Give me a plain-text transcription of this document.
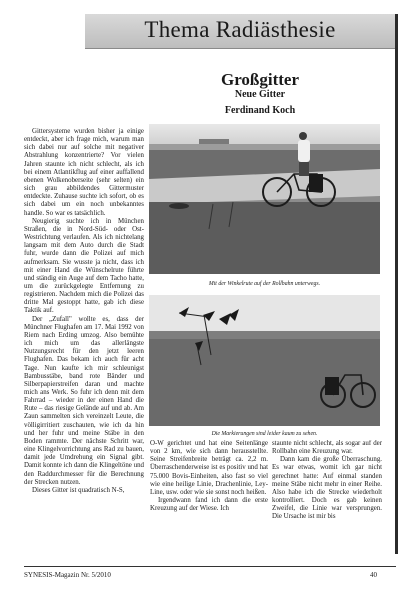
Thema Radiästhesie
Großgitter
Neue Gitter
Ferdinand Koch

Gittersysteme wurden bisher ja einige entdeckt, aber ich frage mich, warum man sich dabei nur auf solche mit negativer Abstrahlung konzentrierte? Vor vielen Jahren staunte ich nicht schlecht, als ich bei einem Atlantikflug auf einer auffallend ebenen Wolkenoberseite (sehr selten) ein sich grau abbildendes Gittermuster entdeckte. Zuhause suchte ich sofort, ob es sich dabei um ein noch unbekanntes handle. So war es tatsächlich.

Neugierig suchte ich in München Straßen, die in Nord-Süd- oder Ost-Westrichtung verlaufen. Als ich nichtelang langsam mit dem Auto durch die Stadt fuhr, wurde dann die Polizei auf mich aufmerksam. Sie wusste ja nicht, dass ich mit einer Hand die Wünschelrute führte und ständig ein Auge auf dem Tacho hatte, um die zurückgelegte Entfernung zu registrieren. Nachdem mich die Polizei das dritte Mal gestoppt hatte, gab ich diese Taktik auf.

Der „Zufall" wollte es, dass der Münchner Flughafen am 17. Mai 1992 von Riem nach Erding umzog. Also bemühte ich mich um das allerlängste Nutzungsrecht für den jetzt leeren Flughafen. Das bekam ich auch für acht Tage. Nun kaufte ich mir schleunigst Bambusstäbe, band rote Bänder und Silberpapierstreifen daran und machte mich ans Werk. So fuhr ich denn mit dem Fahrrad – wieder in der einen Hand die Rute – das riesige Gelände auf und ab. Am Zaun sammelten sich vereinzelt Leute, die völligirritiert zuschauten, wie ich da hin und her fuhr und meine Stäbe in den Boden rammte. Der nächste Schritt war, eine Klingelvorrichtung ans Rad zu bauen, damit jede Umdrehung ein Signal gibt. Damit konnte ich dann die Klingeltöne und den Raddurchmesser für die Berechnung der Strecken nutzen.

Dieses Gitter ist quadratisch N-S,

Mit der Winkelrute auf der Rollbahn unterwegs.
Die Markierungen sind leider kaum zu sehen.

O-W gerichtet und hat eine Seitenlänge von 2 km, wie sich dann herausstellte. Seine Streifenbreite beträgt ca. 2,2 m. Überraschenderweise ist es positiv und hat 75.000 Bovis-Einheiten, also fast so viel wie eine heilige Linie, Drachenlinie, Ley-Line, usw. oder wie sie sonst noch heißen.

Irgendwann fand ich dann die erste Kreuzung auf der Wiese. Ich

staunte nicht schlecht, als sogar auf der Rollbahn eine Kreuzung war.

Dann kam die große Überraschung. Es war etwas, womit ich gar nicht gerechnet hatte: Auf einmal standen meine Stäbe nicht mehr in einer Reihe. Also habe ich die Strecke wiederholt kontrolliert. Doch es gab keinen Zweifel, die Linie war versprungen. Die Ursache ist mir bis

SYNESIS-Magazin Nr. 5/2010	40
